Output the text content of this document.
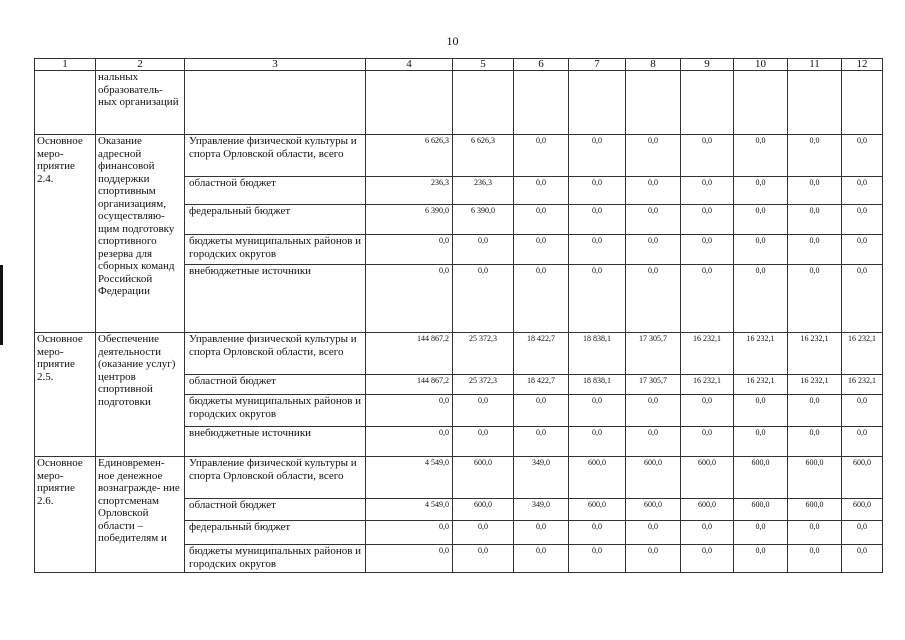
10
1	2	3	4	5	6	7	8	9	10	11	12
	нальных образователь- ных организаций										
Основное меро- приятие 2.4.	Оказание адресной финансовой поддержки спортивным организациям, осуществляю- щим подготовку спортивного резерва для сборных команд Российской Федерации	Управление физической культуры и спорта Орловской области, всего	6 626,3	6 626,3	0,0	0,0	0,0	0,0	0,0	0,0	0,0
		областной бюджет	236,3	236,3	0,0	0,0	0,0	0,0	0,0	0,0	0,0
		федеральный бюджет	6 390,0	6 390,0	0,0	0,0	0,0	0,0	0,0	0,0	0,0
		бюджеты муниципальных районов и городских округов	0,0	0,0	0,0	0,0	0,0	0,0	0,0	0,0	0,0
		внебюджетные источники	0,0	0,0	0,0	0,0	0,0	0,0	0,0	0,0	0,0
Основное меро- приятие 2.5.	Обеспечение деятельности (оказание услуг) центров спортивной подготовки	Управление физической культуры и спорта Орловской области, всего	144 867,2	25 372,3	18 422,7	18 838,1	17 305,7	16 232,1	16 232,1	16 232,1	16 232,1
		областной бюджет	144 867,2	25 372,3	18 422,7	18 838,1	17 305,7	16 232,1	16 232,1	16 232,1	16 232,1
		бюджеты муниципальных районов и городских округов	0,0	0,0	0,0	0,0	0,0	0,0	0,0	0,0	0,0
		внебюджетные источники	0,0	0,0	0,0	0,0	0,0	0,0	0,0	0,0	0,0
Основное меро- приятие 2.6.	Единовремен- ное денежное вознагражде- ние спортсменам Орловской области – победителям и	Управление физической культуры и спорта Орловской области, всего	4 549,0	600,0	349,0	600,0	600,0	600,0	600,0	600,0	600,0
		областной бюджет	4 549,0	600,0	349,0	600,0	600,0	600,0	600,0	600,0	600,0
		федеральный бюджет	0,0	0,0	0,0	0,0	0,0	0,0	0,0	0,0	0,0
		бюджеты муниципальных районов и городских округов	0,0	0,0	0,0	0,0	0,0	0,0	0,0	0,0	0,0
